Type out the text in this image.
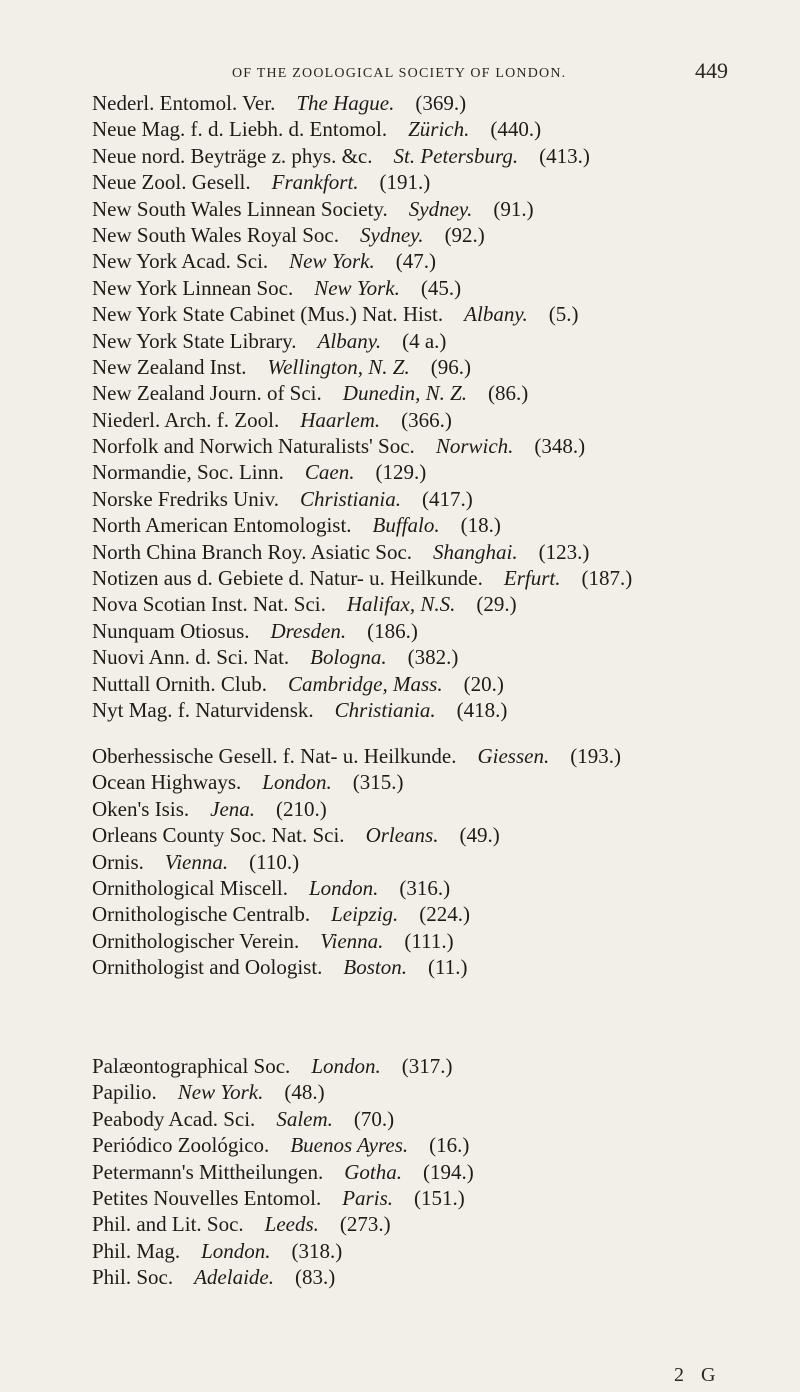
OF THE ZOOLOGICAL SOCIETY OF LONDON.	449
Nederl. Entomol. Ver.  The Hague.  (369.)
Neue Mag. f. d. Liebh. d. Entomol.  Zürich.  (440.)
Neue nord. Beyträge z. phys. &c.  St. Petersburg.  (413.)
Neue Zool. Gesell.  Frankfort.  (191.)
New South Wales Linnean Society.  Sydney.  (91.)
New South Wales Royal Soc.  Sydney.  (92.)
New York Acad. Sci.  New York.  (47.)
New York Linnean Soc.  New York.  (45.)
New York State Cabinet (Mus.) Nat. Hist.  Albany.  (5.)
New York State Library.  Albany.  (4 a.)
New Zealand Inst.  Wellington, N. Z.  (96.)
New Zealand Journ. of Sci.  Dunedin, N. Z.  (86.)
Niederl. Arch. f. Zool.  Haarlem.  (366.)
Norfolk and Norwich Naturalists' Soc.  Norwich.  (348.)
Normandie, Soc. Linn.  Caen.  (129.)
Norske Fredriks Univ.  Christiania.  (417.)
North American Entomologist.  Buffalo.  (18.)
North China Branch Roy. Asiatic Soc.  Shanghai.  (123.)
Notizen aus d. Gebiete d. Natur- u. Heilkunde.  Erfurt.  (187.)
Nova Scotian Inst. Nat. Sci.  Halifax, N.S.  (29.)
Nunquam Otiosus.  Dresden.  (186.)
Nuovi Ann. d. Sci. Nat.  Bologna.  (382.)
Nuttall Ornith. Club.  Cambridge, Mass.  (20.)
Nyt Mag. f. Naturvidensk.  Christiania.  (418.)
Oberhessische Gesell. f. Nat- u. Heilkunde.  Giessen.  (193.)
Ocean Highways.  London.  (315.)
Oken's Isis.  Jena.  (210.)
Orleans County Soc. Nat. Sci.  Orleans.  (49.)
Ornis.  Vienna.  (110.)
Ornithological Miscell.  London.  (316.)
Ornithologische Centralb.  Leipzig.  (224.)
Ornithologischer Verein.  Vienna.  (111.)
Ornithologist and Oologist.  Boston.  (11.)
Palæontographical Soc.  London.  (317.)
Papilio.  New York.  (48.)
Peabody Acad. Sci.  Salem.  (70.)
Periódico Zoológico.  Buenos Ayres.  (16.)
Petermann's Mittheilungen.  Gotha.  (194.)
Petites Nouvelles Entomol.  Paris.  (151.)
Phil. and Lit. Soc.  Leeds.  (273.)
Phil. Mag.  London.  (318.)
Phil. Soc.  Adelaide.  (83.)
2 G
